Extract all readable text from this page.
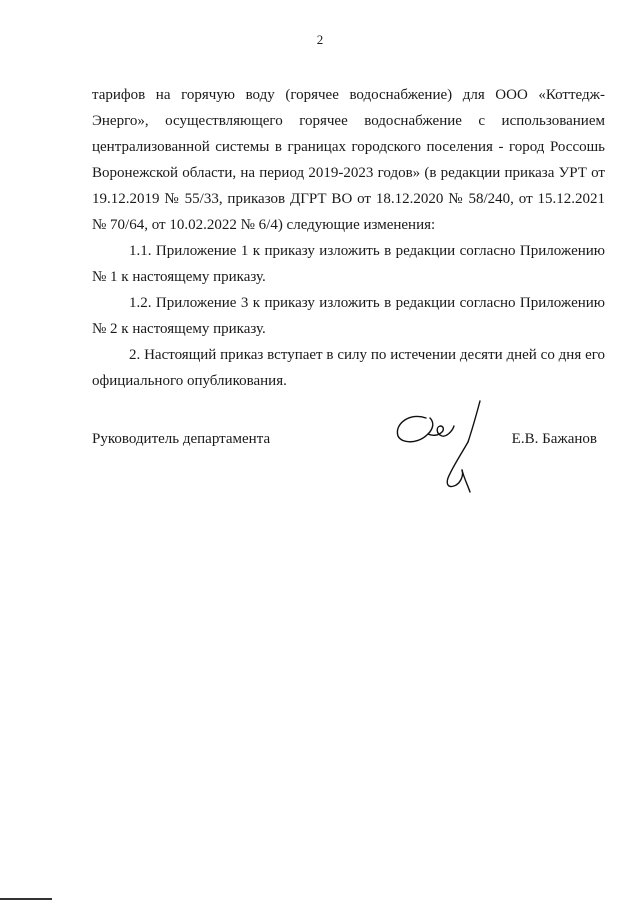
2

тарифов на горячую воду (горячее водоснабжение) для ООО «Коттедж-Энерго», осуществляющего горячее водоснабжение с использованием централизованной системы в границах городского поселения - город Россошь Воронежской области, на период 2019-2023 годов» (в редакции приказа УРТ от 19.12.2019 № 55/33, приказов ДГРТ ВО от 18.12.2020 № 58/240, от 15.12.2021 № 70/64, от 10.02.2022 № 6/4) следующие изменения:

1.1. Приложение 1 к приказу изложить в редакции согласно Приложению № 1 к настоящему приказу.

1.2. Приложение 3 к приказу изложить в редакции согласно Приложению № 2 к настоящему приказу.

2. Настоящий приказ вступает в силу по истечении десяти дней со дня его официального опубликования.

Руководитель департамента	Е.В. Бажанов
